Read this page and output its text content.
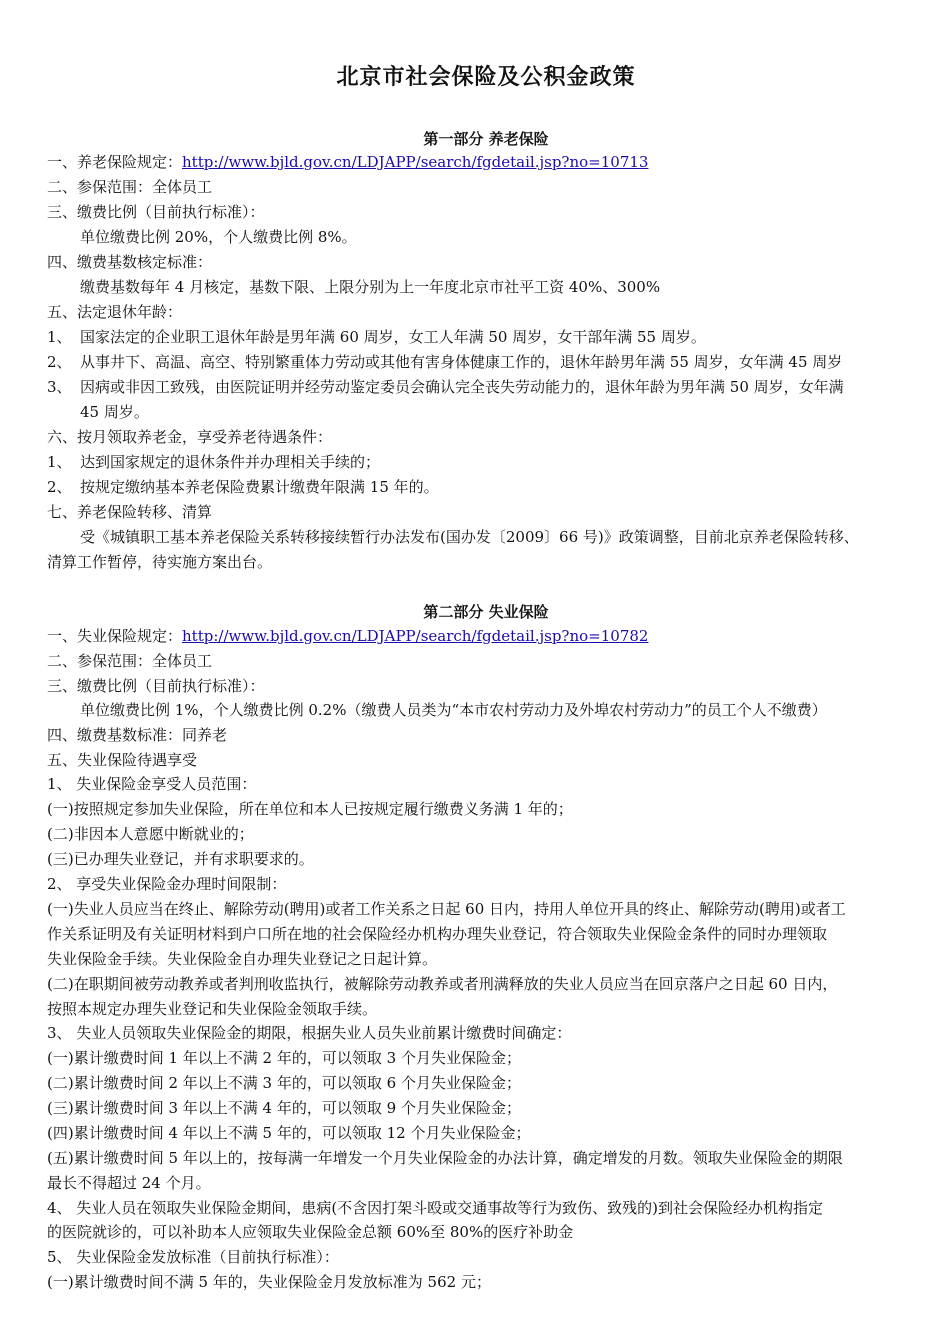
北京市社会保险及公积金政策
第一部分 养老保险
一、养老保险规定：http://www.bjld.gov.cn/LDJAPP/search/fgdetail.jsp?no=10713
二、参保范围：全体员工
三、缴费比例（目前执行标准）：
单位缴费比例 20%，个人缴费比例 8%。
四、缴费基数核定标准：
缴费基数每年 4 月核定，基数下限、上限分别为上一年度北京市社平工资 40%、300%
五、法定退休年龄：
1、 国家法定的企业职工退休年龄是男年满 60 周岁，女工人年满 50 周岁，女干部年满 55 周岁。
2、 从事井下、高温、高空、特别繁重体力劳动或其他有害身体健康工作的，退休年龄男年满 55 周岁，女年满 45 周岁
3、 因病或非因工致残，由医院证明并经劳动鉴定委员会确认完全丧失劳动能力的，退休年龄为男年满 50 周岁，女年满
45 周岁。
六、按月领取养老金，享受养老待遇条件：
1、 达到国家规定的退休条件并办理相关手续的；
2、 按规定缴纳基本养老保险费累计缴费年限满 15 年的。
七、养老保险转移、清算
受《城镇职工基本养老保险关系转移接续暂行办法发布(国办发〔2009〕66 号)》政策调整，目前北京养老保险转移、
清算工作暂停，待实施方案出台。
第二部分 失业保险
一、失业保险规定：http://www.bjld.gov.cn/LDJAPP/search/fgdetail.jsp?no=10782
二、参保范围：全体员工
三、缴费比例（目前执行标准）：
单位缴费比例 1%，个人缴费比例 0.2%（缴费人员类为“本市农村劳动力及外埠农村劳动力”的员工个人不缴费）
四、缴费基数标准：同养老
五、失业保险待遇享受
1、 失业保险金享受人员范围：
(一)按照规定参加失业保险，所在单位和本人已按规定履行缴费义务满 1 年的；
(二)非因本人意愿中断就业的；
(三)已办理失业登记，并有求职要求的。
2、 享受失业保险金办理时间限制：
(一)失业人员应当在终止、解除劳动(聘用)或者工作关系之日起 60 日内，持用人单位开具的终止、解除劳动(聘用)或者工
作关系证明及有关证明材料到户口所在地的社会保险经办机构办理失业登记，符合领取失业保险金条件的同时办理领取
失业保险金手续。失业保险金自办理失业登记之日起计算。
(二)在职期间被劳动教养或者判刑收监执行，被解除劳动教养或者刑满释放的失业人员应当在回京落户之日起 60 日内，
按照本规定办理失业登记和失业保险金领取手续。
3、 失业人员领取失业保险金的期限，根据失业人员失业前累计缴费时间确定：
(一)累计缴费时间 1 年以上不满 2 年的，可以领取 3 个月失业保险金；
(二)累计缴费时间 2 年以上不满 3 年的，可以领取 6 个月失业保险金；
(三)累计缴费时间 3 年以上不满 4 年的，可以领取 9 个月失业保险金；
(四)累计缴费时间 4 年以上不满 5 年的，可以领取 12 个月失业保险金；
(五)累计缴费时间 5 年以上的，按每满一年增发一个月失业保险金的办法计算，确定增发的月数。领取失业保险金的期限
最长不得超过 24 个月。
4、 失业人员在领取失业保险金期间，患病(不含因打架斗殴或交通事故等行为致伤、致残的)到社会保险经办机构指定
的医院就诊的，可以补助本人应领取失业保险金总额 60%至 80%的医疗补助金
5、 失业保险金发放标准（目前执行标准）：
(一)累计缴费时间不满 5 年的，失业保险金月发放标准为 562 元；
